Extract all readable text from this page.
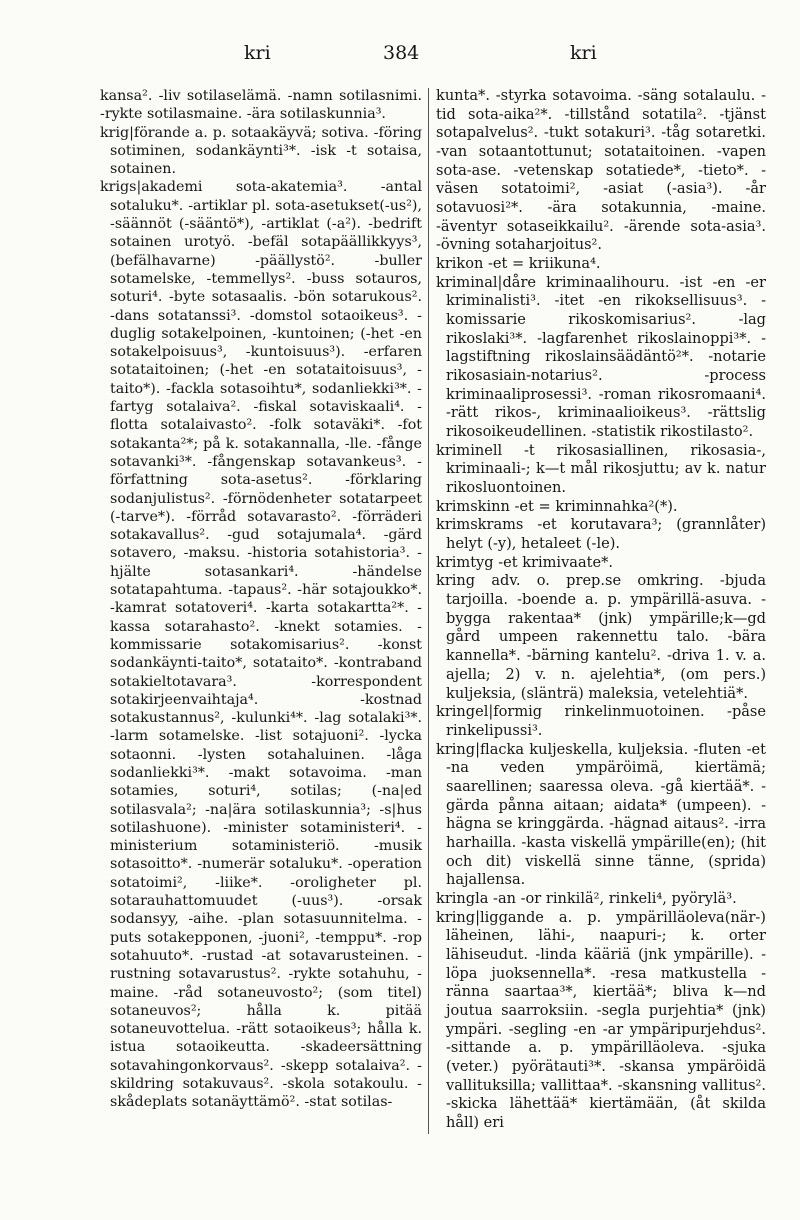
kri	384	kri

kansa². -liv sotilaselämä. -namn sotilasnimi. -rykte sotilasmaine. -ära sotilaskunnia³.

krig|förande a. p. sotaakäyvä; sotiva. -föring sotiminen, sodankäynti³*. -isk -t sotaisa, sotainen.

krigs|akademi sota-akatemia³. -antal sotaluku*. -artiklar pl. sota-asetukset(-us²), -säännöt (-sääntö*), -artiklat (-a²). -bedrift sotainen urotyö. -befäl sotapäällikkyys³, (befälhavarne) -päällystö². -buller sotamelske, -temmellys². -buss sotauros, soturi⁴. -byte sotasaalis. -bön sotarukous². -dans sotatanssi³. -domstol sotaoikeus³. -duglig sotakelpoinen, -kuntoinen; (-het -en sotakelpoisuus³, -kuntoisuus³). -erfaren sotataitoinen; (-het -en sotataitoisuus³, -taito*). -fackla sotasoihtu*, sodanliekki³*. -fartyg sotalaiva². -fiskal sotaviskaali⁴. -flotta sotalaivasto². -folk sotaväki*. -fot sotakanta²*; på k. sotakannalla, -lle. -fånge sotavanki³*. -fångenskap sotavankeus³. -författning sota-asetus². -förklaring sodanjulistus². -förnödenheter sotatarpeet (-tarve*). -förråd sotavarasto². -förräderi sotakavallus². -gud sotajumala⁴. -gärd sotavero, -maksu. -historia sotahistoria³. -hjälte sotasankari⁴. -händelse sotatapahtuma. -tapaus². -här sotajoukko*. -kamrat sotatoveri⁴. -karta sotakartta²*. -kassa sotarahasto². -knekt sotamies. -kommissarie sotakomisarius². -konst sodankäynti-taito*, sotataito*. -kontraband sotakieltotavara³. -korrespondent sotakirjeenvaihtaja⁴. -kostnad sotakustannus², -kulunki⁴*. -lag sotalaki³*. -larm sotamelske. -list sotajuoni². -lycka sotaonni. -lysten sotahaluinen. -låga sodanliekki³*. -makt sotavoima. -man sotamies, soturi⁴, sotilas; (-na|ed sotilasvala²; -na|ära sotilaskunnia³; -s|hus sotilashuone). -minister sotaministeri⁴. -ministerium sotaministeriö. -musik sotasoitto*. -numerär sotaluku*. -operation sotatoimi², -liike*. -oroligheter pl. sotarauhattomuudet (-uus³). -orsak sodansyy, -aihe. -plan sotasuunnitelma. -puts sotakepponen, -juoni², -temppu*. -rop sotahuuto*. -rustad -at sotavarusteinen. -rustning sotavarustus². -rykte sotahuhu, -maine. -råd sotaneuvosto²; (som titel) sotaneuvos²; hålla k. pitää sotaneuvottelua. -rätt sotaoikeus³; hålla k. istua sotaoikeutta. -skadeersättning sotavahingonkorvaus². -skepp sotalaiva². -skildring sotakuvaus². -skola sotakoulu. -skådeplats sotanäyttämö². -stat sotilas-

kunta*. -styrka sotavoima. -säng sotalaulu. -tid sota-aika²*. -tillstånd sotatila². -tjänst sotapalvelus². -tukt sotakuri³. -tåg sotaretki. -van sotaantottunut; sotataitoinen. -vapen sota-ase. -vetenskap sotatiede*, -tieto*. -väsen sotatoimi², -asiat (-asia³). -år sotavuosi²*. -ära sotakunnia, -maine. -äventyr sotaseikkailu². -ärende sota-asia³. -övning sotaharjoitus².

krikon -et = kriikuna⁴.

kriminal|dåre kriminaalihouru. -ist -en -er kriminalisti³. -itet -en rikoksellisuus³. -komissarie rikoskomisarius². -lag rikoslaki³*. -lagfarenhet rikoslainoppi³*. -lagstiftning rikoslainsäädäntö²*. -notarie rikosasiain-notarius². -process kriminaaliprosessi³. -roman rikosromaani⁴. -rätt rikos-, kriminaalioikeus³. -rättslig rikosoikeudellinen. -statistik rikostilasto².

kriminell -t rikosasiallinen, rikosasia-, kriminaali-; k—t mål rikosjuttu; av k. natur rikosluontoinen.

krimskinn -et = kriminnahka²(*).

krimskrams -et korutavara³; (grannlåter) helyt (-y), hetaleet (-le).

krimtyg -et krimivaate*.

kring adv. o. prep.se omkring. -bjuda tarjoilla. -boende a. p. ympärillä-asuva. -bygga rakentaa* (jnk) ympärille;k—gd gård umpeen rakennettu talo. -bära kannella*. -bärning kantelu². -driva 1. v. a. ajella; 2) v. n. ajelehtia*, (om pers.) kuljeksia, (slänträ) maleksia, vetelehtiä*.

kringel|formig rinkelinmuotoinen. -påse rinkelipussi³.

kring|flacka kuljeskella, kuljeksia. -fluten -et -na veden ympäröimä, kiertämä; saarellinen; saaressa oleva. -gå kiertää*. -gärda pånna aitaan; aidata* (umpeen). -hägna se kringgärda. -hägnad aitaus². -irra harhailla. -kasta viskellä ympärille(en); (hit och dit) viskellä sinne tänne, (sprida) hajallensa.

kringla -an -or rinkilä², rinkeli⁴, pyörylä³.

kring|liggande a. p. ympärilläoleva(när-) läheinen, lähi-, naapuri-; k. orter lähiseudut. -linda kääriä (jnk ympärille). -löpa juoksennella*. -resa matkustella -ränna saartaa³*, kiertää*; bliva k—nd joutua saarroksiin. -segla purjehtia* (jnk) ympäri. -segling -en -ar ympäripurjehdus². -sittande a. p. ympärilläoleva. -sjuka (veter.) pyörätauti³*. -skansa ympäröidä vallituksilla; vallittaa*. -skansning vallitus². -skicka lähettää* kiertämään, (åt skilda håll) eri
